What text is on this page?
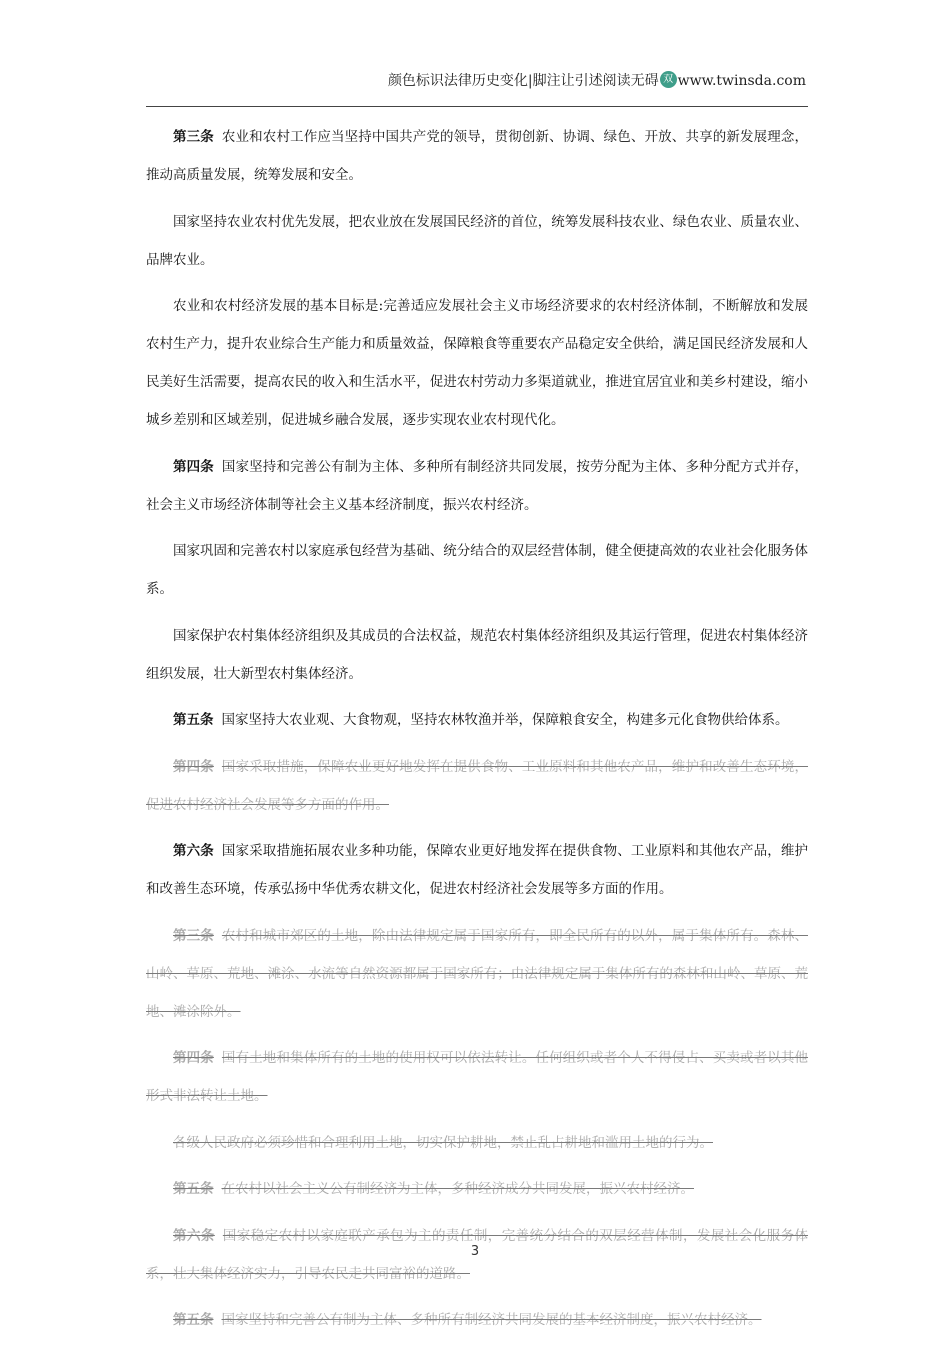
颜色标识法律历史变化|脚注让引述阅读无碍 双 www.twinsda.com

第三条 农业和农村工作应当坚持中国共产党的领导，贯彻创新、协调、绿色、开放、共享的新发展理念，推动高质量发展，统筹发展和安全。

国家坚持农业农村优先发展，把农业放在发展国民经济的首位，统筹发展科技农业、绿色农业、质量农业、品牌农业。

农业和农村经济发展的基本目标是:完善适应发展社会主义市场经济要求的农村经济体制，不断解放和发展农村生产力，提升农业综合生产能力和质量效益，保障粮食等重要农产品稳定安全供给，满足国民经济发展和人民美好生活需要，提高农民的收入和生活水平，促进农村劳动力多渠道就业，推进宜居宜业和美乡村建设，缩小城乡差别和区域差别，促进城乡融合发展，逐步实现农业农村现代化。

第四条 国家坚持和完善公有制为主体、多种所有制经济共同发展，按劳分配为主体、多种分配方式并存，社会主义市场经济体制等社会主义基本经济制度，振兴农村经济。

国家巩固和完善农村以家庭承包经营为基础、统分结合的双层经营体制，健全便捷高效的农业社会化服务体系。

国家保护农村集体经济组织及其成员的合法权益，规范农村集体经济组织及其运行管理，促进农村集体经济组织发展，壮大新型农村集体经济。

第五条 国家坚持大农业观、大食物观，坚持农林牧渔并举，保障粮食安全，构建多元化食物供给体系。

第四条 国家采取措施，保障农业更好地发挥在提供食物、工业原料和其他农产品，维护和改善生态环境，促进农村经济社会发展等多方面的作用。

第六条 国家采取措施拓展农业多种功能，保障农业更好地发挥在提供食物、工业原料和其他农产品，维护和改善生态环境，传承弘扬中华优秀农耕文化，促进农村经济社会发展等多方面的作用。

第三条 农村和城市郊区的土地，除由法律规定属于国家所有，即全民所有的以外，属于集体所有。森林、山岭、草原、荒地、滩涂、水流等自然资源都属于国家所有；由法律规定属于集体所有的森林和山岭、草原、荒地、滩涂除外。

第四条 国有土地和集体所有的土地的使用权可以依法转让。任何组织或者个人不得侵占、买卖或者以其他形式非法转让土地。

各级人民政府必须珍惜和合理利用土地，切实保护耕地，禁止乱占耕地和滥用土地的行为。

第五条 在农村以社会主义公有制经济为主体，多种经济成分共同发展，振兴农村经济。

第六条 国家稳定农村以家庭联产承包为主的责任制，完善统分结合的双层经营体制，发展社会化服务体系，壮大集体经济实力，引导农民走共同富裕的道路。

第五条 国家坚持和完善公有制为主体、多种所有制经济共同发展的基本经济制度，振兴农村经济。

3
